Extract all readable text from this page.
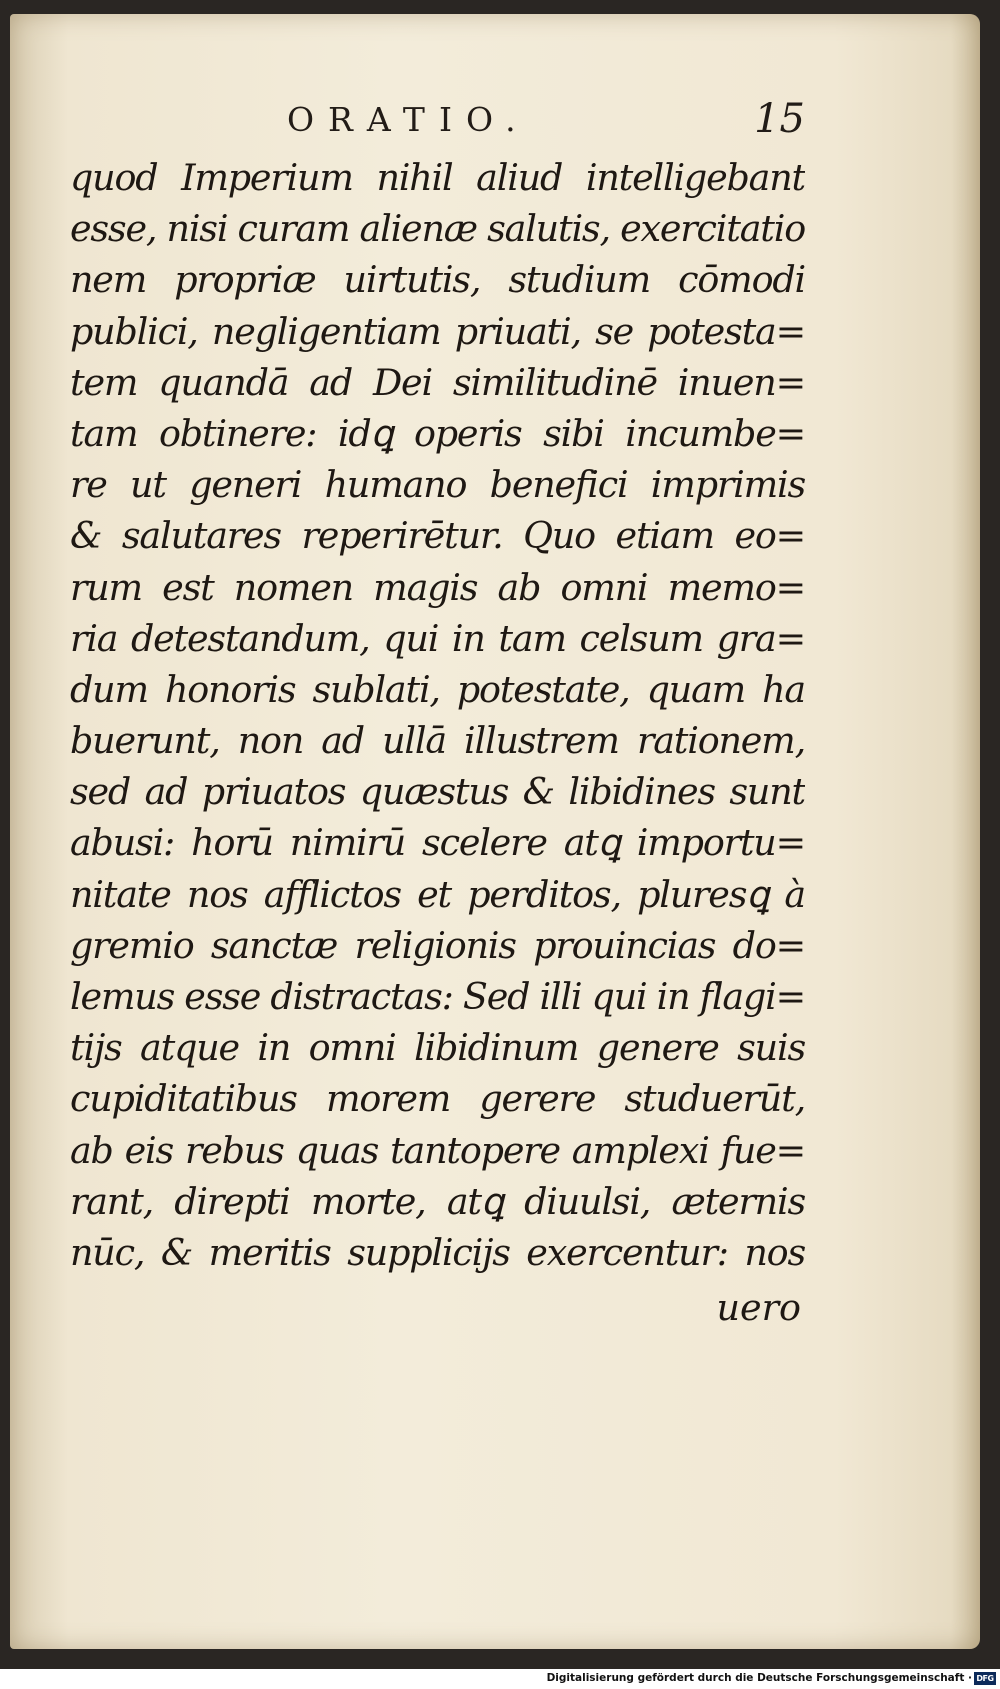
ORATIO.	15
quod Imperium nihil aliud intelligebant
esse, nisi curam alienæ salutis, exercitatio
nem propriæ uirtutis, studium cōmodi
publici, negligentiam priuati, se potesta=
tem quandā ad Dei similitudinē inuen=
tam obtinere: idꝗ operis sibi incumbe=
re ut generi humano benefici imprimis
& salutares reperirētur. Quo etiam eo=
rum est nomen magis ab omni memo=
ria detestandum, qui in tam celsum gra=
dum honoris sublati, potestate, quam ha
buerunt, non ad ullā illustrem rationem,
sed ad priuatos quæstus & libidines sunt
abusi: horū nimirū scelere atꝗ importu=
nitate nos afflictos et perditos, pluresꝗ à
gremio sanctæ religionis prouincias do=
lemus esse distractas: Sed illi qui in flagi=
tijs atque in omni libidinum genere suis
cupiditatibus morem gerere studuerūt,
ab eis rebus quas tantopere amplexi fue=
rant, direpti morte, atꝗ diuulsi, æternis
nūc, & meritis supplicijs exercentur: nos
uero
Digitalisierung gefördert durch die Deutsche Forschungsgemeinschaft · DFG
